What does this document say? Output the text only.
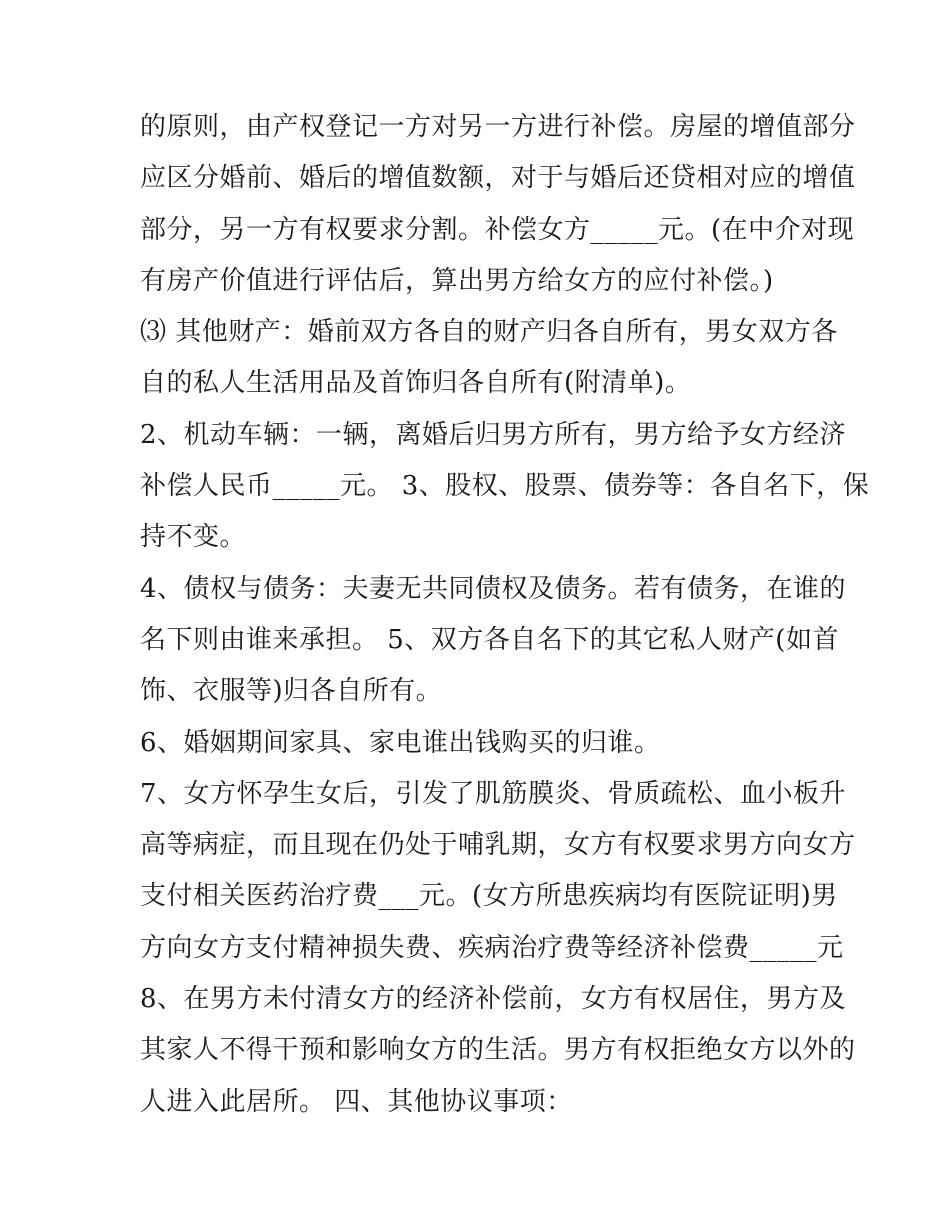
的原则，由产权登记一方对另一方进行补偿。房屋的增值部分
应区分婚前、婚后的增值数额，对于与婚后还贷相对应的增值
部分，另一方有权要求分割。补偿女方_____元。(在中介对现
有房产价值进行评估后，算出男方给女方的应付补偿。)
⑶ 其他财产：婚前双方各自的财产归各自所有，男女双方各
自的私人生活用品及首饰归各自所有(附清单)。
2、机动车辆：一辆，离婚后归男方所有，男方给予女方经济
补偿人民币_____元。 3、股权、股票、债券等：各自名下，保
持不变。
4、债权与债务：夫妻无共同债权及债务。若有债务，在谁的
名下则由谁来承担。 5、双方各自名下的其它私人财产(如首
饰、衣服等)归各自所有。
6、婚姻期间家具、家电谁出钱购买的归谁。
7、女方怀孕生女后，引发了肌筋膜炎、骨质疏松、血小板升
高等病症，而且现在仍处于哺乳期，女方有权要求男方向女方
支付相关医药治疗费___元。(女方所患疾病均有医院证明)男
方向女方支付精神损失费、疾病治疗费等经济补偿费_____元
8、在男方未付清女方的经济补偿前，女方有权居住，男方及
其家人不得干预和影响女方的生活。男方有权拒绝女方以外的
人进入此居所。 四、其他协议事项：
